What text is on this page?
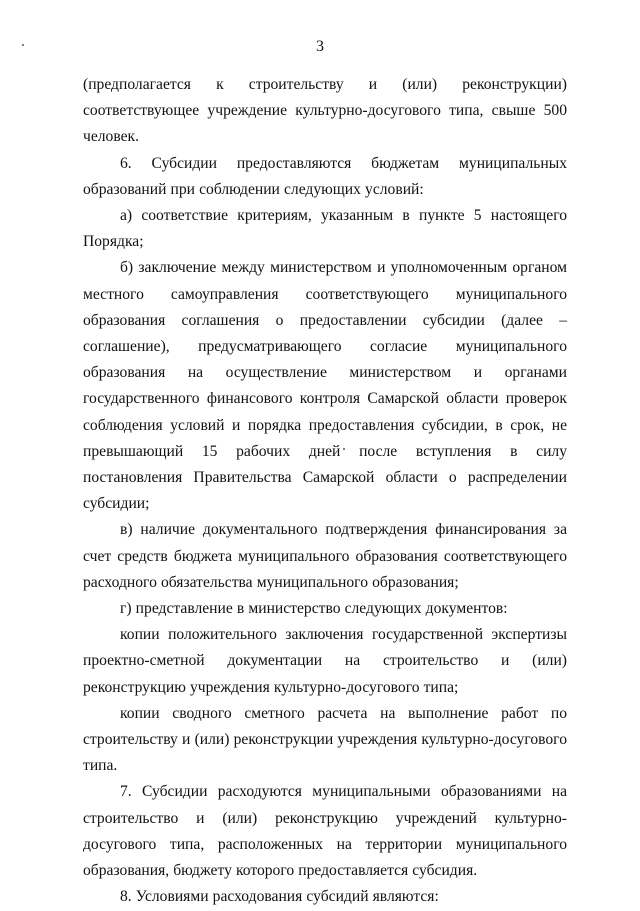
3

(предполагается к строительству и (или) реконструкции) соответствующее учреждение культурно-досугового типа, свыше 500 человек.

6. Субсидии предоставляются бюджетам муниципальных образований при соблюдении следующих условий:

а) соответствие критериям, указанным в пункте 5 настоящего Порядка;

б) заключение между министерством и уполномоченным органом местного самоуправления соответствующего муниципального образования соглашения о предоставлении субсидии (далее – соглашение), предусматривающего согласие муниципального образования на осуществление министерством и органами государственного финансового контроля Самарской области проверок соблюдения условий и порядка предоставления субсидии, в срок, не превышающий 15 рабочих дней после вступления в силу постановления Правительства Самарской области о распределении субсидии;

в) наличие документального подтверждения финансирования за счет средств бюджета муниципального образования соответствующего расходного обязательства муниципального образования;

г) представление в министерство следующих документов:

копии положительного заключения государственной экспертизы проектно-сметной документации на строительство и (или) реконструкцию учреждения культурно-досугового типа;

копии сводного сметного расчета на выполнение работ по строительству и (или) реконструкции учреждения культурно-досугового типа.

7. Субсидии расходуются муниципальными образованиями на строительство и (или) реконструкцию учреждений культурно-досугового типа, расположенных на территории муниципального образования, бюджету которого предоставляется субсидия.

8. Условиями расходования субсидий являются:
